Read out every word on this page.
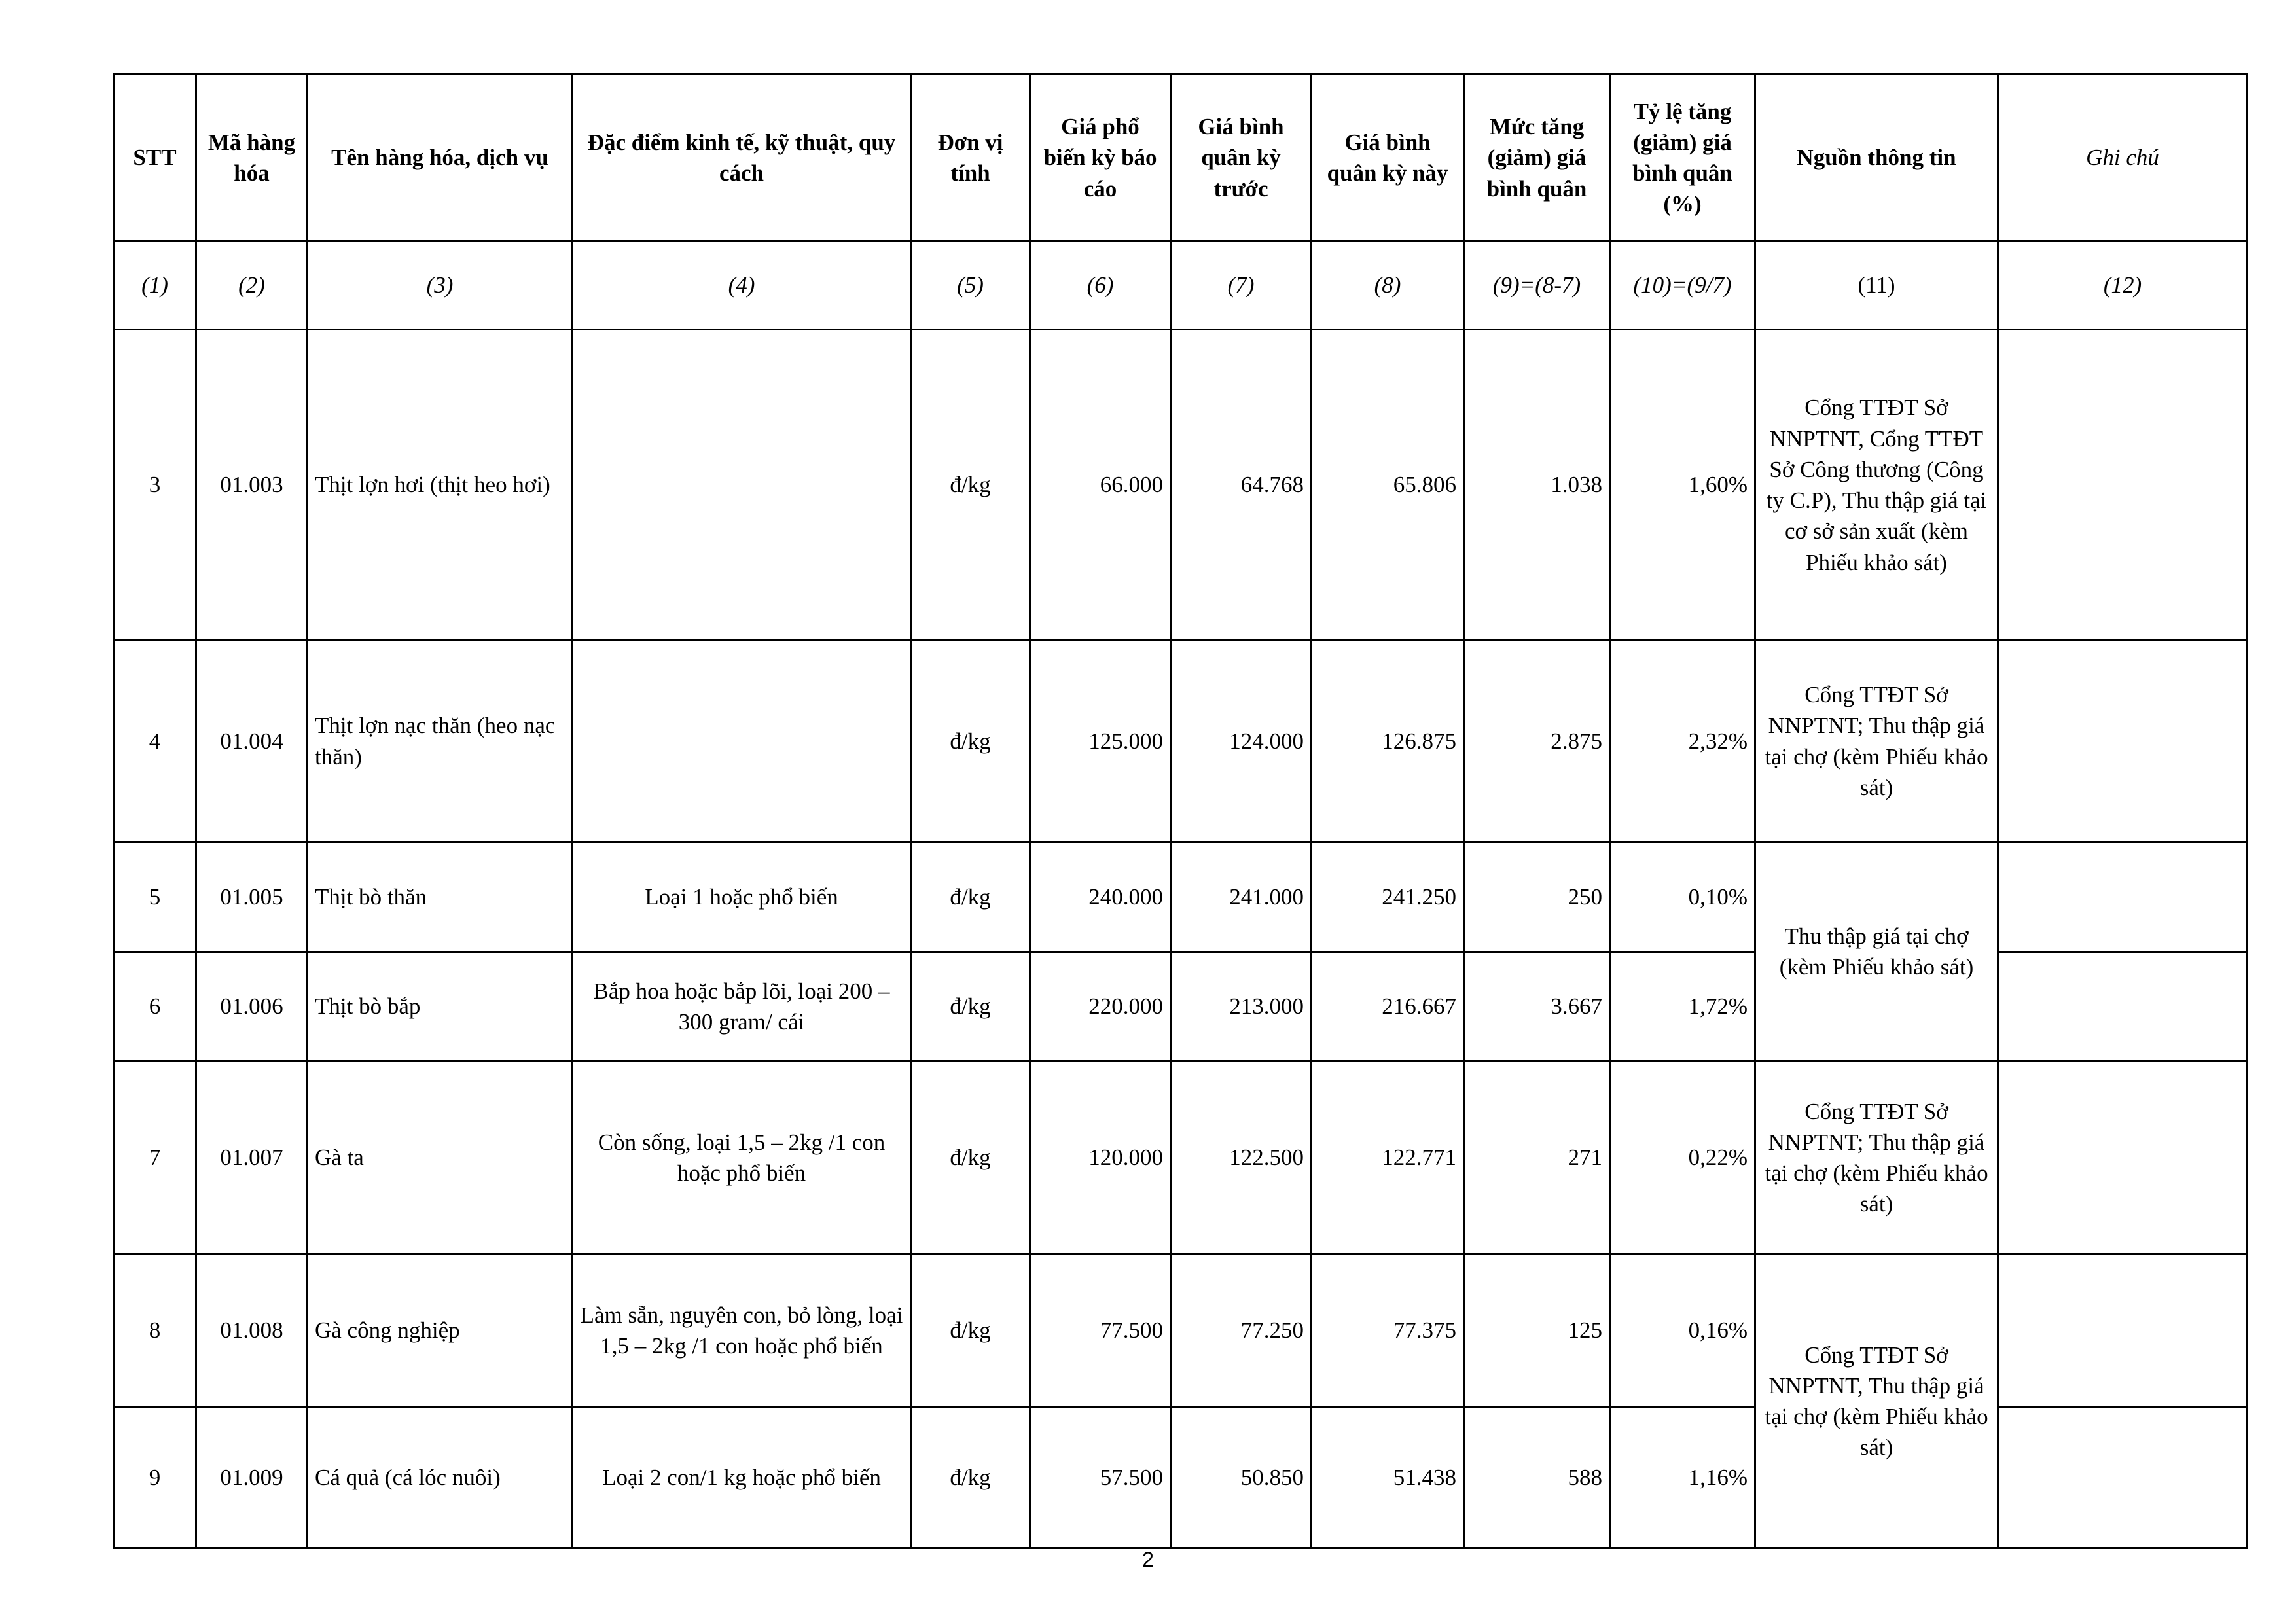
STT	Mã hàng hóa	Tên hàng hóa, dịch vụ	Đặc điểm kinh tế, kỹ thuật, quy cách	Đơn vị tính	Giá phổ biến kỳ báo cáo	Giá bình quân kỳ trước	Giá bình quân kỳ này	Mức tăng (giảm) giá bình quân	Tỷ lệ tăng (giảm) giá bình quân (%)	Nguồn thông tin	Ghi chú
(1)	(2)	(3)	(4)	(5)	(6)	(7)	(8)	(9)=(8-7)	(10)=(9/7)	(11)	(12)
3	01.003	Thịt lợn hơi (thịt heo hơi)		đ/kg	66.000	64.768	65.806	1.038	1,60%	Cổng TTĐT Sở NNPTNT, Cổng TTĐT Sở Công thương (Công ty C.P), Thu thập giá tại cơ sở sản xuất (kèm Phiếu khảo sát)	
4	01.004	Thịt lợn nạc thăn (heo nạc thăn)		đ/kg	125.000	124.000	126.875	2.875	2,32%	Cổng TTĐT Sở NNPTNT; Thu thập giá tại chợ (kèm Phiếu khảo sát)	
5	01.005	Thịt bò thăn	Loại 1 hoặc phổ biến	đ/kg	240.000	241.000	241.250	250	0,10%	Thu thập giá tại chợ (kèm Phiếu khảo sát)	
6	01.006	Thịt bò bắp	Bắp hoa hoặc bắp lõi, loại 200 – 300 gram/ cái	đ/kg	220.000	213.000	216.667	3.667	1,72%		
7	01.007	Gà ta	Còn sống, loại 1,5 – 2kg /1 con hoặc phổ biến	đ/kg	120.000	122.500	122.771	271	0,22%	Cổng TTĐT Sở NNPTNT; Thu thập giá tại chợ (kèm Phiếu khảo sát)	
8	01.008	Gà công nghiệp	Làm sẵn, nguyên con, bỏ lòng, loại 1,5 – 2kg /1 con hoặc phổ biến	đ/kg	77.500	77.250	77.375	125	0,16%	Cổng TTĐT Sở NNPTNT, Thu thập giá tại chợ (kèm Phiếu khảo sát)	
9	01.009	Cá quả (cá lóc nuôi)	Loại 2 con/1 kg hoặc phổ biến	đ/kg	57.500	50.850	51.438	588	1,16%		
2
